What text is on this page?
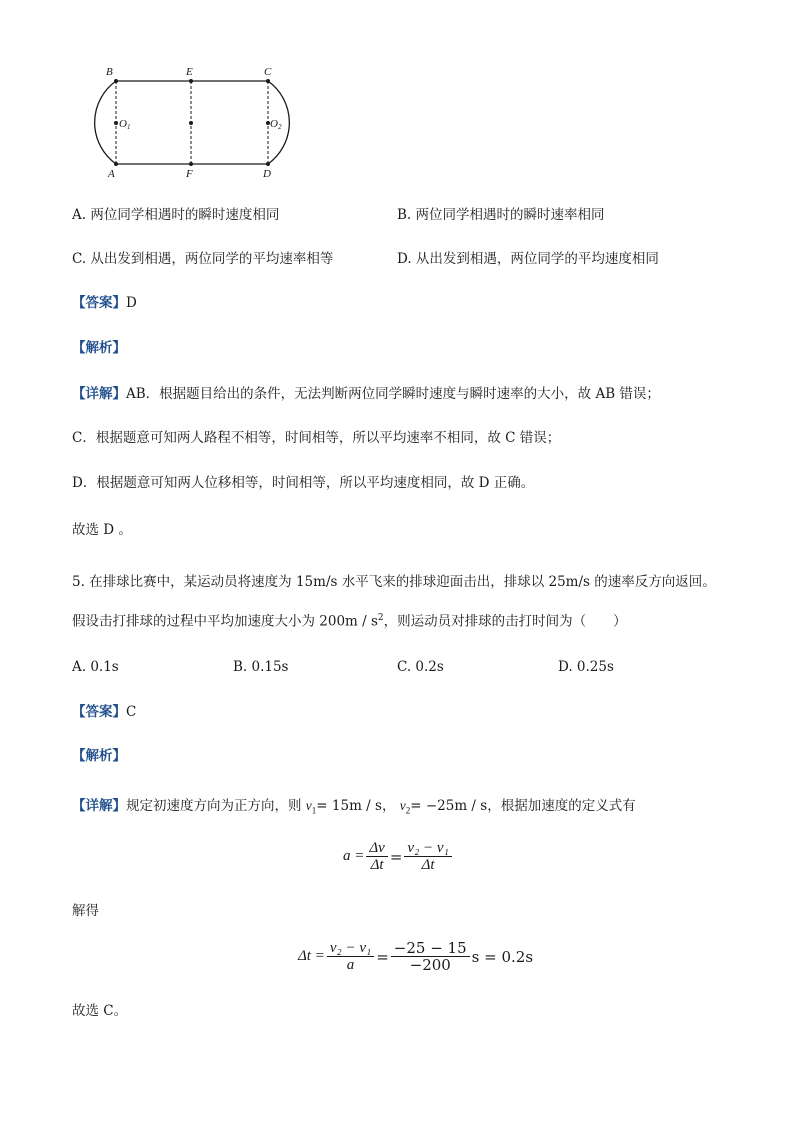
B	E	C
A	F	D
O1	O2
A. 两位同学相遇时的瞬时速度相同	B. 两位同学相遇时的瞬时速率相同
C. 从出发到相遇，两位同学的平均速率相等	D. 从出发到相遇，两位同学的平均速度相同
【答案】D
【解析】
【详解】AB．根据题目给出的条件，无法判断两位同学瞬时速度与瞬时速率的大小，故 AB 错误；
C．根据题意可知两人路程不相等，时间相等，所以平均速率不相同，故 C 错误；
D．根据题意可知两人位移相等，时间相等，所以平均速度相同，故 D 正确。
故选 D 。
5. 在排球比赛中，某运动员将速度为 15m/s 水平飞来的排球迎面击出，排球以 25m/s 的速率反方向返回。
假设击打排球的过程中平均加速度大小为 $200m / s^2$，则运动员对排球的击打时间为（　　）
A. 0.1s	B. 0.15s	C. 0.2s	D. 0.25s
【答案】C
【解析】
【详解】规定初速度方向为正方向，则 $v_1= 15m / s$， $v_2= -25m / s$，根据加速度的定义式有
$a = \frac{\Delta v}{\Delta t} = \frac{\text{v₂ − v₁}}{\Delta t}$
解得
$\Delta t = \frac{\text{v₂ − v₁}}{a} = \frac{-25 - 15}{-200}$ s = 0.2s
故选 C。
